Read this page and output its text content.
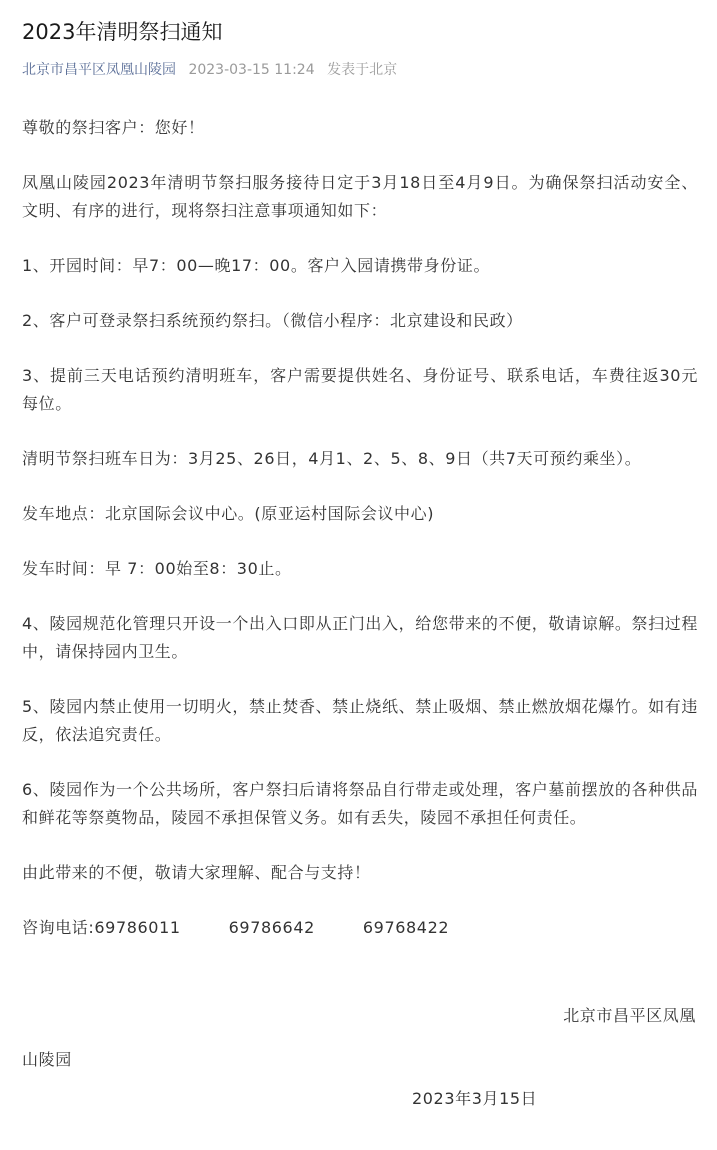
2023年清明祭扫通知
北京市昌平区凤凰山陵园 2023-03-15 11:24 发表于北京

尊敬的祭扫客户：您好！

凤凰山陵园2023年清明节祭扫服务接待日定于3月18日至4月9日。为确保祭扫活动安全、文明、有序的进行，现将祭扫注意事项通知如下：

1、开园时间：早7：00—晚17：00。客户入园请携带身份证。

2、客户可登录祭扫系统预约祭扫。（微信小程序：北京建设和民政）

3、提前三天电话预约清明班车，客户需要提供姓名、身份证号、联系电话，车费往返30元每位。

清明节祭扫班车日为：3月25、26日，4月1、2、5、8、9日（共7天可预约乘坐）。

发车地点：北京国际会议中心。(原亚运村国际会议中心)

发车时间：早 7：00始至8：30止。

4、陵园规范化管理只开设一个出入口即从正门出入，给您带来的不便，敬请谅解。祭扫过程中，请保持园内卫生。

5、陵园内禁止使用一切明火，禁止焚香、禁止烧纸、禁止吸烟、禁止燃放烟花爆竹。如有违反，依法追究责任。

6、陵园作为一个公共场所，客户祭扫后请将祭品自行带走或处理，客户墓前摆放的各种供品和鲜花等祭奠物品，陵园不承担保管义务。如有丢失，陵园不承担任何责任。

由此带来的不便，敬请大家理解、配合与支持！

咨询电话:69786011	69786642	69768422

北京市昌平区凤凰
山陵园
2023年3月15日
